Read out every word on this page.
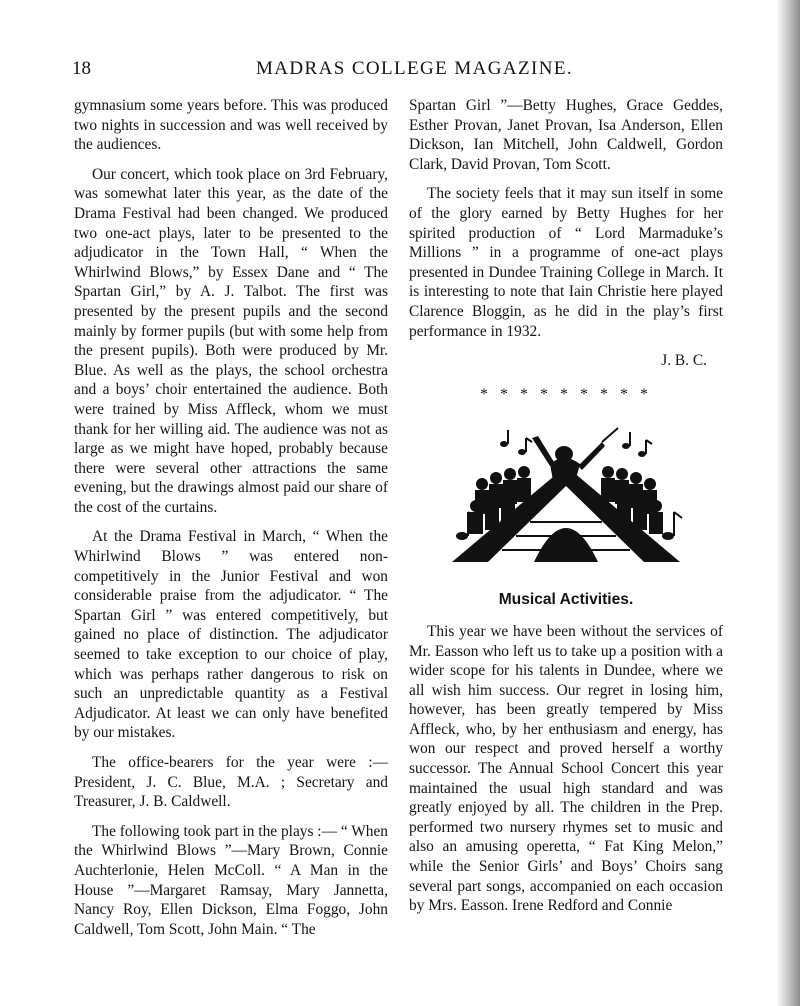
18	MADRAS COLLEGE MAGAZINE.

gymnasium some years before. This was produced two nights in succession and was well received by the audiences.

Our concert, which took place on 3rd February, was somewhat later this year, as the date of the Drama Festival had been changed. We produced two one-act plays, later to be presented to the adjudicator in the Town Hall, “ When the Whirlwind Blows,” by Essex Dane and “ The Spartan Girl,” by A. J. Talbot. The first was presented by the present pupils and the second mainly by former pupils (but with some help from the present pupils). Both were produced by Mr. Blue. As well as the plays, the school orchestra and a boys’ choir entertained the audience. Both were trained by Miss Affleck, whom we must thank for her willing aid. The audience was not as large as we might have hoped, probably because there were several other attractions the same evening, but the drawings almost paid our share of the cost of the curtains.

At the Drama Festival in March, “ When the Whirlwind Blows ” was entered non-competitively in the Junior Festival and won considerable praise from the adjudicator. “ The Spartan Girl ” was entered competitively, but gained no place of distinction. The adjudicator seemed to take exception to our choice of play, which was perhaps rather dangerous to risk on such an unpredictable quantity as a Festival Adjudicator. At least we can only have benefited by our mistakes.

The office-bearers for the year were :— President, J. C. Blue, M.A. ; Secretary and Treasurer, J. B. Caldwell.

The following took part in the plays :— “ When the Whirlwind Blows ”—Mary Brown, Connie Auchterlonie, Helen McColl. “ A Man in the House ”—Margaret Ramsay, Mary Jannetta, Nancy Roy, Ellen Dickson, Elma Foggo, John Caldwell, Tom Scott, John Main. “ The

Spartan Girl ”—Betty Hughes, Grace Geddes, Esther Provan, Janet Provan, Isa Anderson, Ellen Dickson, Ian Mitchell, John Caldwell, Gordon Clark, David Provan, Tom Scott.

The society feels that it may sun itself in some of the glory earned by Betty Hughes for her spirited production of “ Lord Marmaduke’s Millions ” in a programme of one-act plays presented in Dundee Training College in March. It is interesting to note that Iain Christie here played Clarence Bloggin, as he did in the play’s first performance in 1932.

J. B. C.
* * * * * * * * *
Musical Activities.

This year we have been without the services of Mr. Easson who left us to take up a position with a wider scope for his talents in Dundee, where we all wish him success. Our regret in losing him, however, has been greatly tempered by Miss Affleck, who, by her enthusiasm and energy, has won our respect and proved herself a worthy successor. The Annual School Concert this year maintained the usual high standard and was greatly enjoyed by all. The children in the Prep. performed two nursery rhymes set to music and also an amusing operetta, “ Fat King Melon,” while the Senior Girls’ and Boys’ Choirs sang several part songs, accompanied on each occasion by Mrs. Easson. Irene Redford and Connie
